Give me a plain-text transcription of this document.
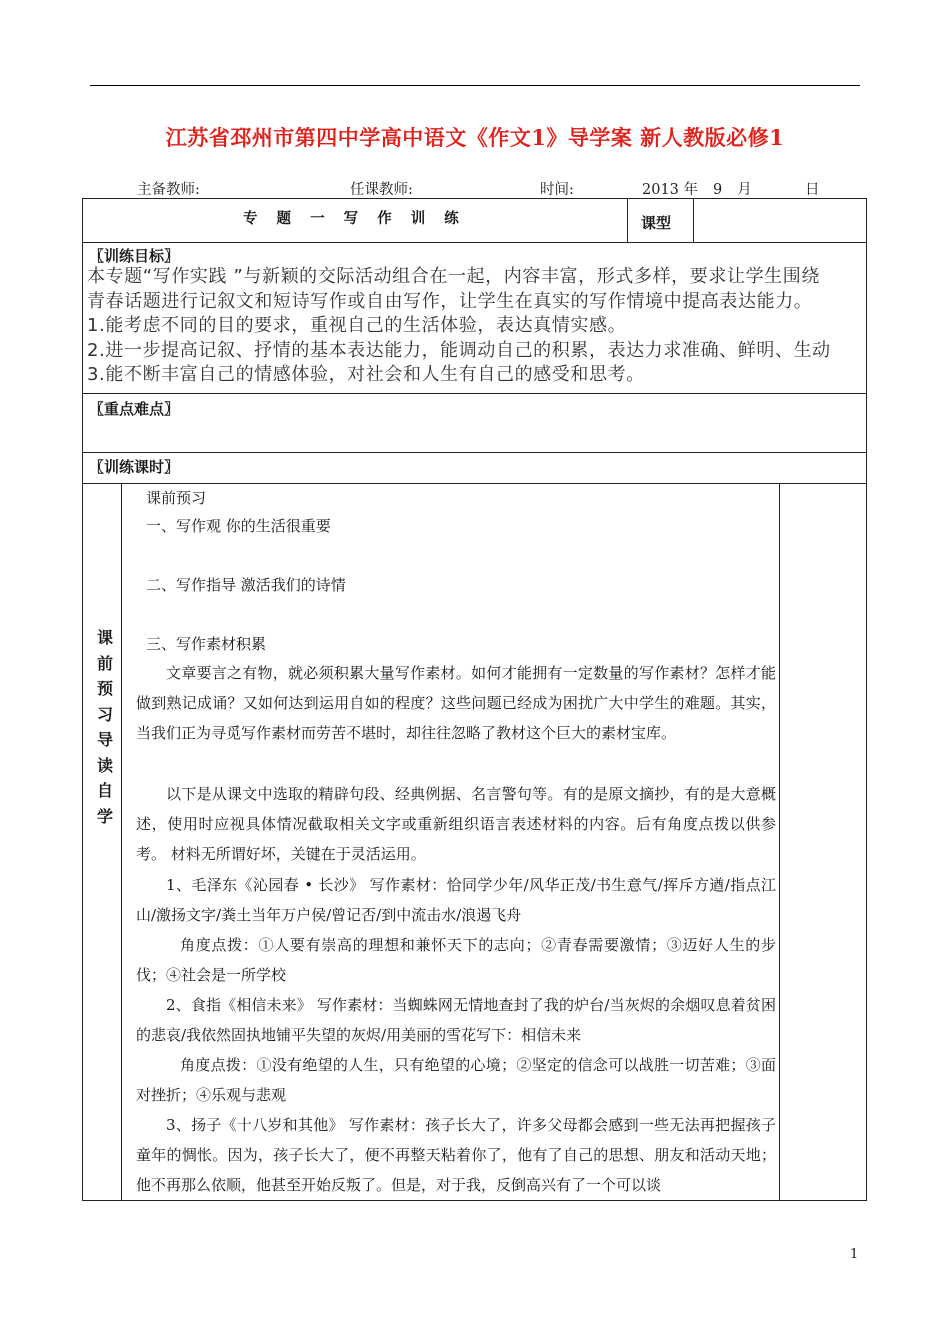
江苏省邳州市第四中学高中语文《作文1》导学案 新人教版必修1
主备教师:	任课教师:	时间:	2013 年 9 月	日
专 题 一 写 作 训 练	课型
〖训练目标〗
本专题“写作实践 ”与新颖的交际活动组合在一起，内容丰富，形式多样，要求让学生围绕
青春话题进行记叙文和短诗写作或自由写作，让学生在真实的写作情境中提高表达能力。
1.能考虑不同的目的要求，重视自己的生活体验，表达真情实感。
2.进一步提高记叙、抒情的基本表达能力，能调动自己的积累，表达力求准确、鲜明、生动
3.能不断丰富自己的情感体验，对社会和人生有自己的感受和思考。
〖重点难点〗
〖训练课时〗
课
前
预
习
导
读
自
学
课前预习
一、写作观 你的生活很重要
二、写作指导 激活我们的诗情
三、写作素材积累
文章要言之有物，就必须积累大量写作素材。如何才能拥有一定数量的写作素材？怎样才能做到熟记成诵？又如何达到运用自如的程度？这些问题已经成为困扰广大中学生的难题。其实，当我们正为寻觅写作素材而劳苦不堪时，却往往忽略了教材这个巨大的素材宝库。
以下是从课文中选取的精辟句段、经典例据、名言警句等。有的是原文摘抄，有的是大意概述，使用时应视具体情况截取相关文字或重新组织语言表述材料的内容。后有角度点拨以供参考。 材料无所谓好坏，关键在于灵活运用。
1、毛泽东《沁园春 • 长沙》 写作素材：恰同学少年/风华正茂/书生意气/挥斥方遒/指点江山/激扬文字/粪土当年万户侯/曾记否/到中流击水/浪遏飞舟
角度点拨：①人要有崇高的理想和兼怀天下的志向；②青春需要激情；③迈好人生的步伐；④社会是一所学校
2、食指《相信未来》 写作素材：当蜘蛛网无情地查封了我的炉台/当灰烬的余烟叹息着贫困的悲哀/我依然固执地铺平失望的灰烬/用美丽的雪花写下：相信未来
角度点拨：①没有绝望的人生，只有绝望的心境；②坚定的信念可以战胜一切苦难；③面对挫折；④乐观与悲观
3、扬子《十八岁和其他》 写作素材：孩子长大了，许多父母都会感到一些无法再把握孩子童年的惆怅。因为，孩子长大了，便不再整天粘着你了，他有了自己的思想、朋友和活动天地；他不再那么依顺，他甚至开始反叛了。但是，对于我，反倒高兴有了一个可以谈
1
